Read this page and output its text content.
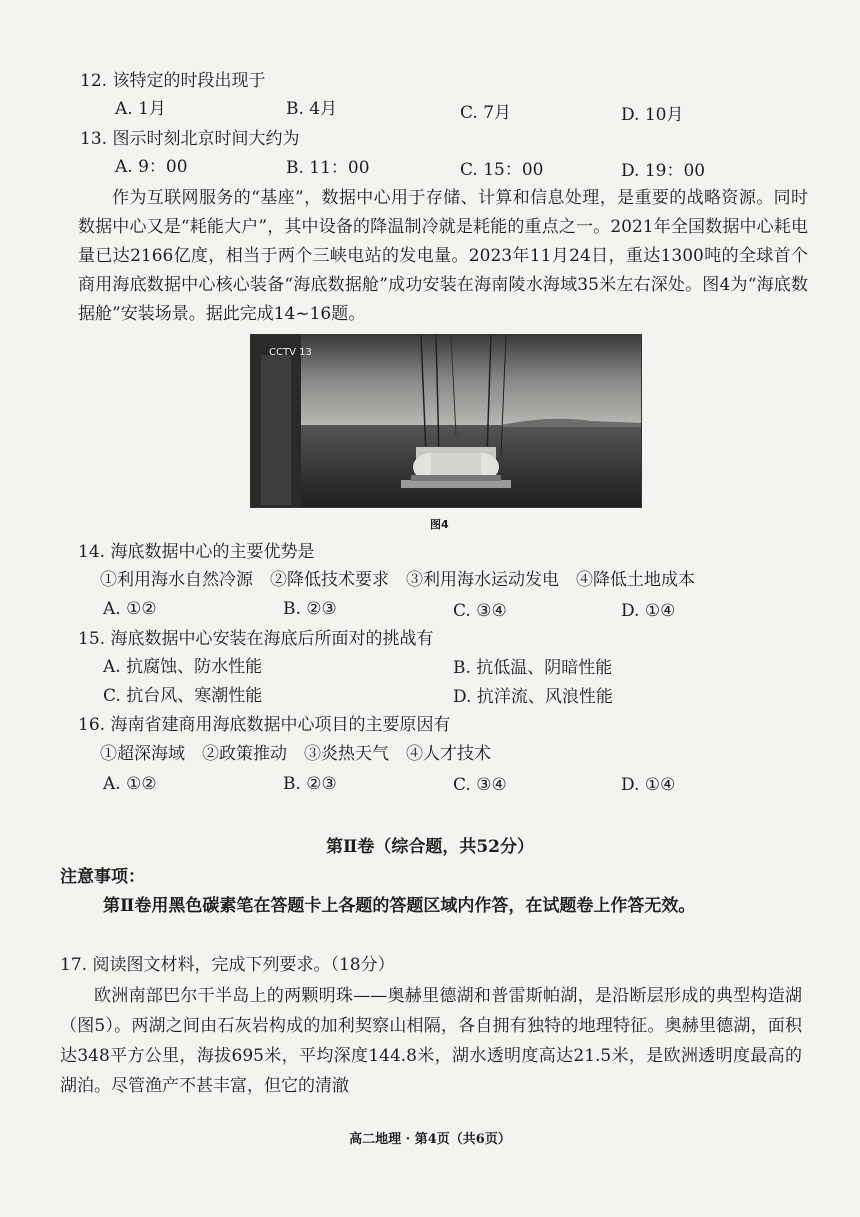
12. 该特定的时段出现于
A. 1月	B. 4月	C. 7月	D. 10月
13. 图示时刻北京时间大约为
A. 9：00	B. 11：00	C. 15：00	D. 19：00

作为互联网服务的“基座”，数据中心用于存储、计算和信息处理，是重要的战略资源。同时数据中心又是“耗能大户”，其中设备的降温制冷就是耗能的重点之一。2021年全国数据中心耗电量已达2166亿度，相当于两个三峡电站的发电量。2023年11月24日，重达1300吨的全球首个商用海底数据中心核心装备“海底数据舱”成功安装在海南陵水海域35米左右深处。图4为“海底数据舱”安装场景。据此完成14~16题。

CCTV 13
图4
14. 海底数据中心的主要优势是
①利用海水自然冷源　②降低技术要求　③利用海水运动发电　④降低土地成本
A. ①②	B. ②③	C. ③④	D. ①④
15. 海底数据中心安装在海底后所面对的挑战有
A. 抗腐蚀、防水性能	B. 抗低温、阴暗性能
C. 抗台风、寒潮性能	D. 抗洋流、风浪性能
16. 海南省建商用海底数据中心项目的主要原因有
①超深海域　②政策推动　③炎热天气　④人才技术
A. ①②	B. ②③	C. ③④	D. ①④
第Ⅱ卷（综合题，共52分）
注意事项：
第Ⅱ卷用黑色碳素笔在答题卡上各题的答题区域内作答，在试题卷上作答无效。
17. 阅读图文材料，完成下列要求。（18分）

欧洲南部巴尔干半岛上的两颗明珠——奥赫里德湖和普雷斯帕湖，是沿断层形成的典型构造湖（图5）。两湖之间由石灰岩构成的加利契察山相隔，各自拥有独特的地理特征。奥赫里德湖，面积达348平方公里，海拔695米，平均深度144.8米，湖水透明度高达21.5米，是欧洲透明度最高的湖泊。尽管渔产不甚丰富，但它的清澈

高二地理 · 第4页（共6页）
